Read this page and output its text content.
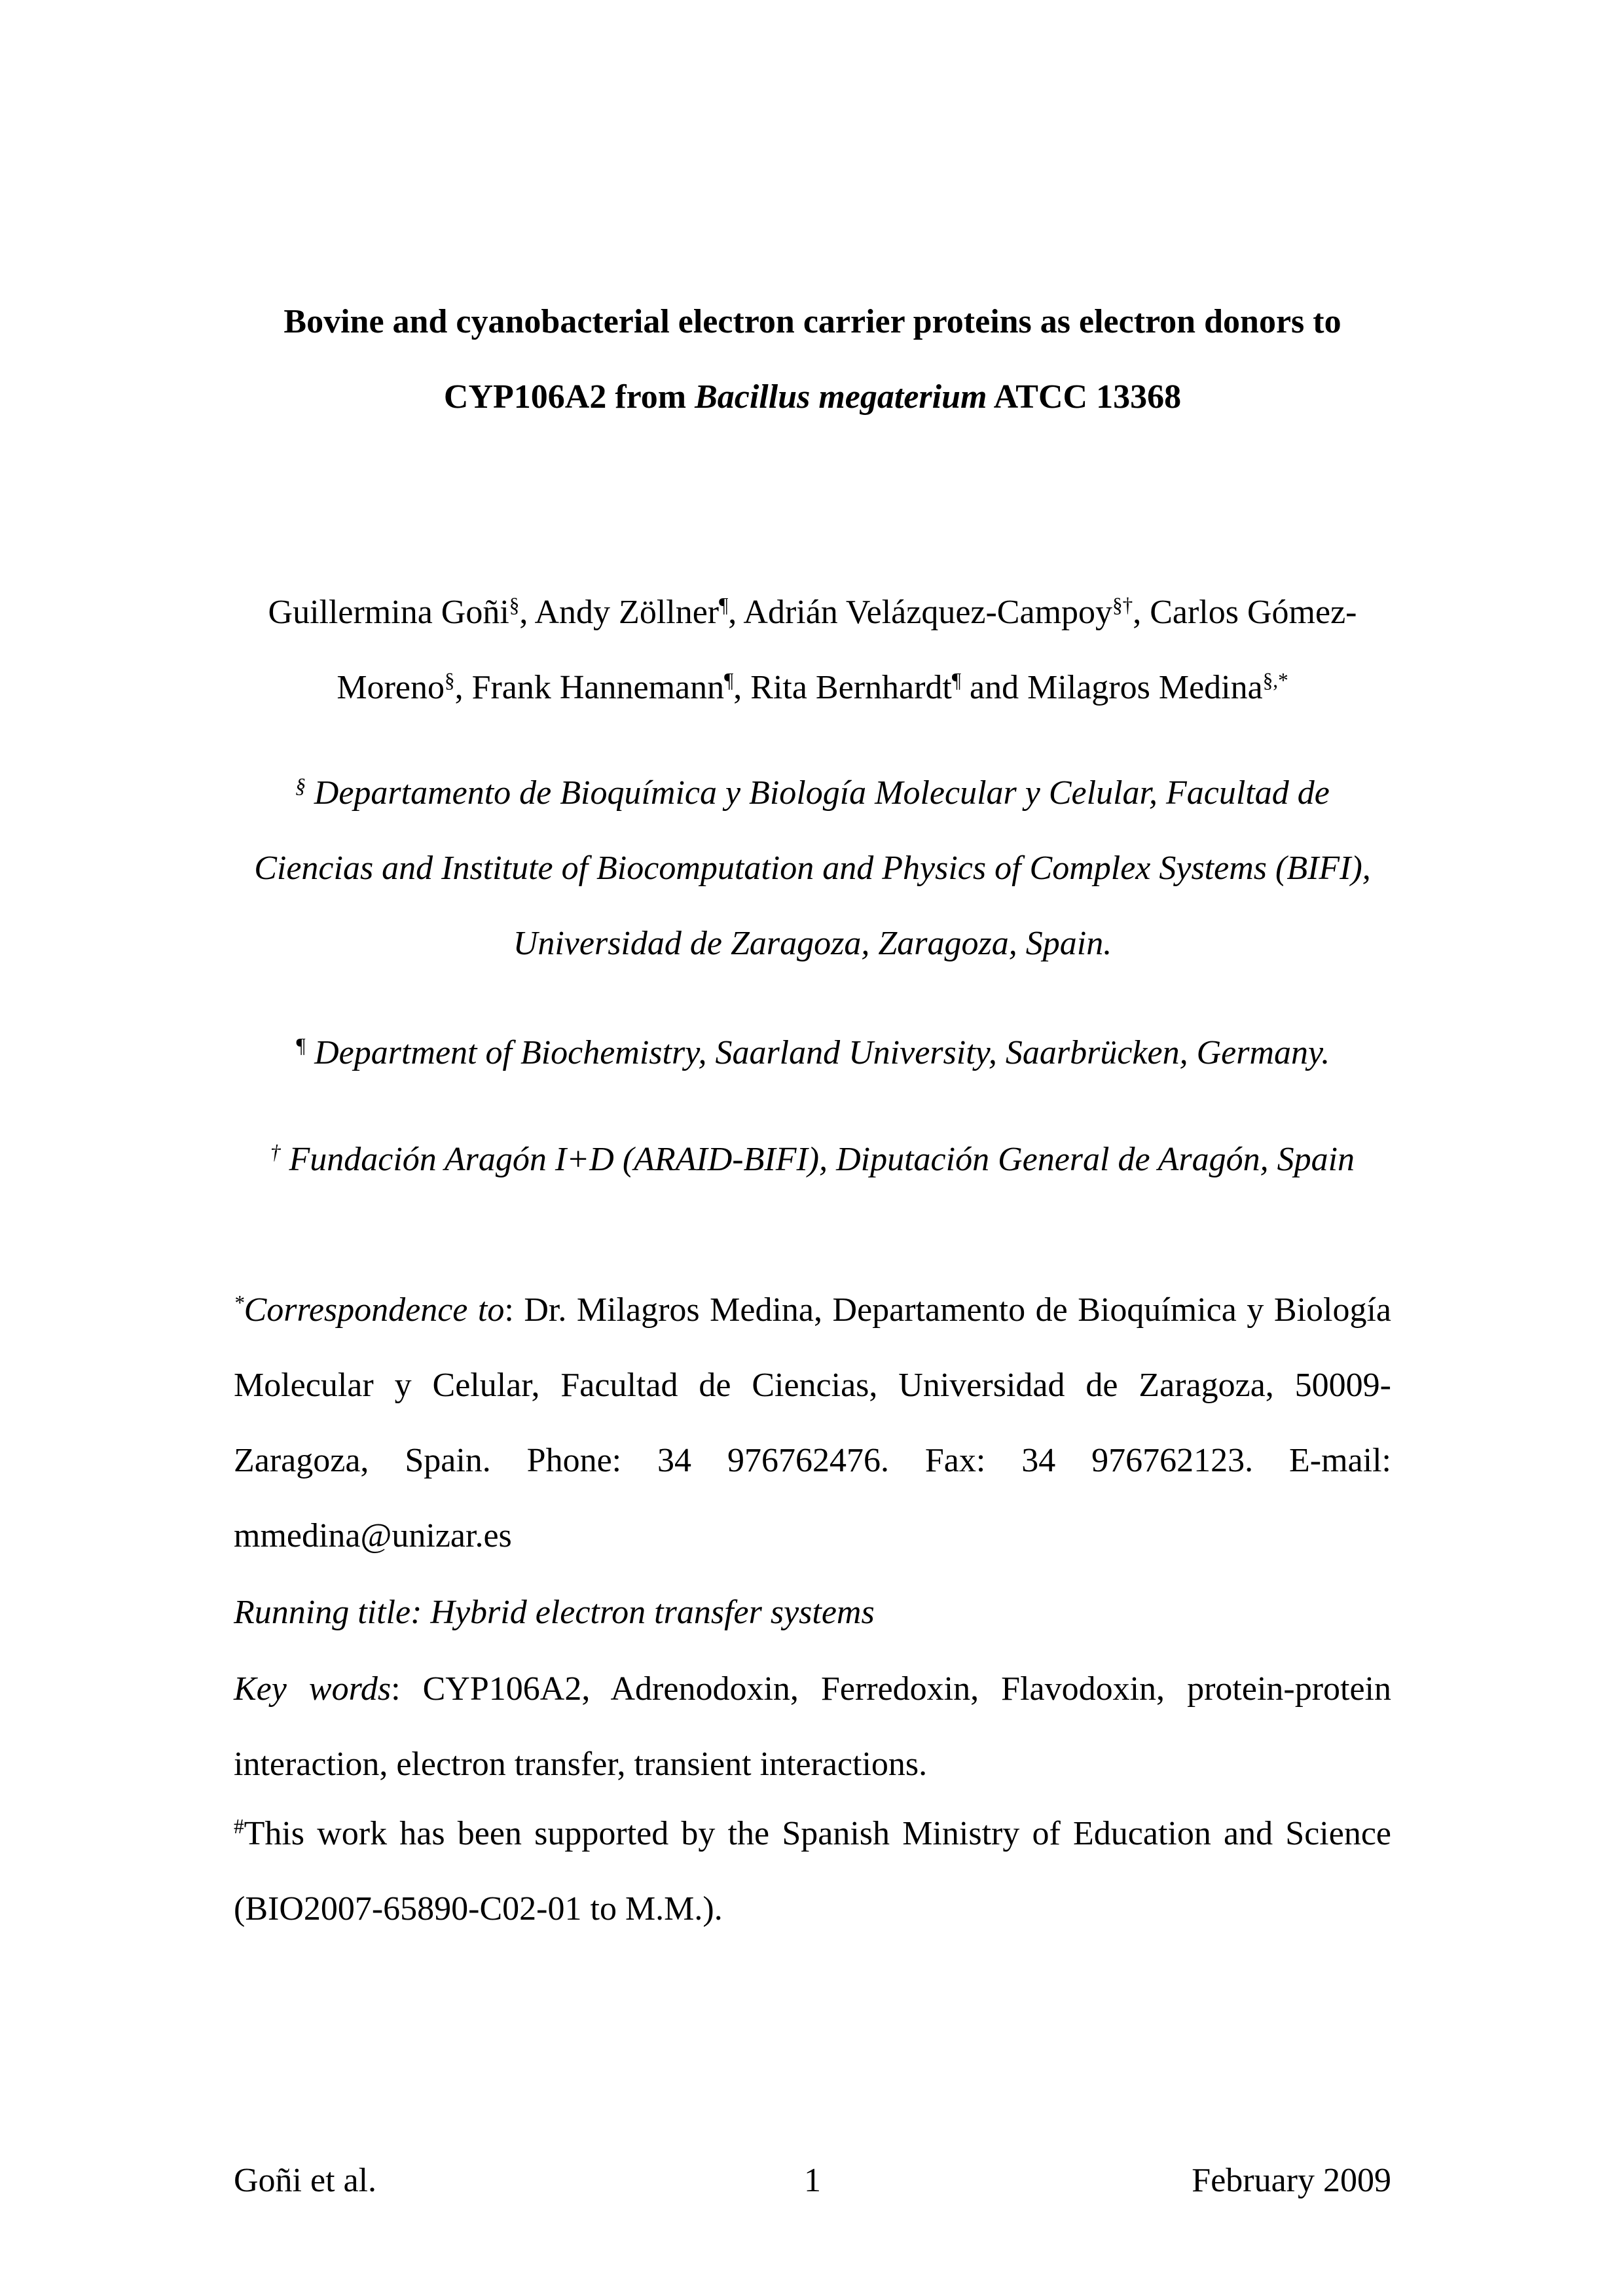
Bovine and cyanobacterial electron carrier proteins as electron donors to
CYP106A2 from Bacillus megaterium ATCC 13368

Guillermina Goñi§, Andy Zöllner¶, Adrián Velázquez-Campoy§†, Carlos Gómez-Moreno§, Frank Hannemann¶, Rita Bernhardt¶ and Milagros Medina§,*

§ Departamento de Bioquímica y Biología Molecular y Celular, Facultad de Ciencias and Institute of Biocomputation and Physics of Complex Systems (BIFI), Universidad de Zaragoza, Zaragoza, Spain.

¶ Department of Biochemistry, Saarland University, Saarbrücken, Germany.

† Fundación Aragón I+D (ARAID-BIFI), Diputación General de Aragón, Spain

*Correspondence to: Dr. Milagros Medina, Departamento de Bioquímica y Biología Molecular y Celular, Facultad de Ciencias, Universidad de Zaragoza, 50009-Zaragoza, Spain. Phone: 34 976762476. Fax: 34 976762123. E-mail: mmedina@unizar.es

Running title: Hybrid electron transfer systems

Key words: CYP106A2, Adrenodoxin, Ferredoxin, Flavodoxin, protein-protein interaction, electron transfer, transient interactions.

#This work has been supported by the Spanish Ministry of Education and Science (BIO2007-65890-C02-01 to M.M.).

1
Goñi et al.	February 2009
